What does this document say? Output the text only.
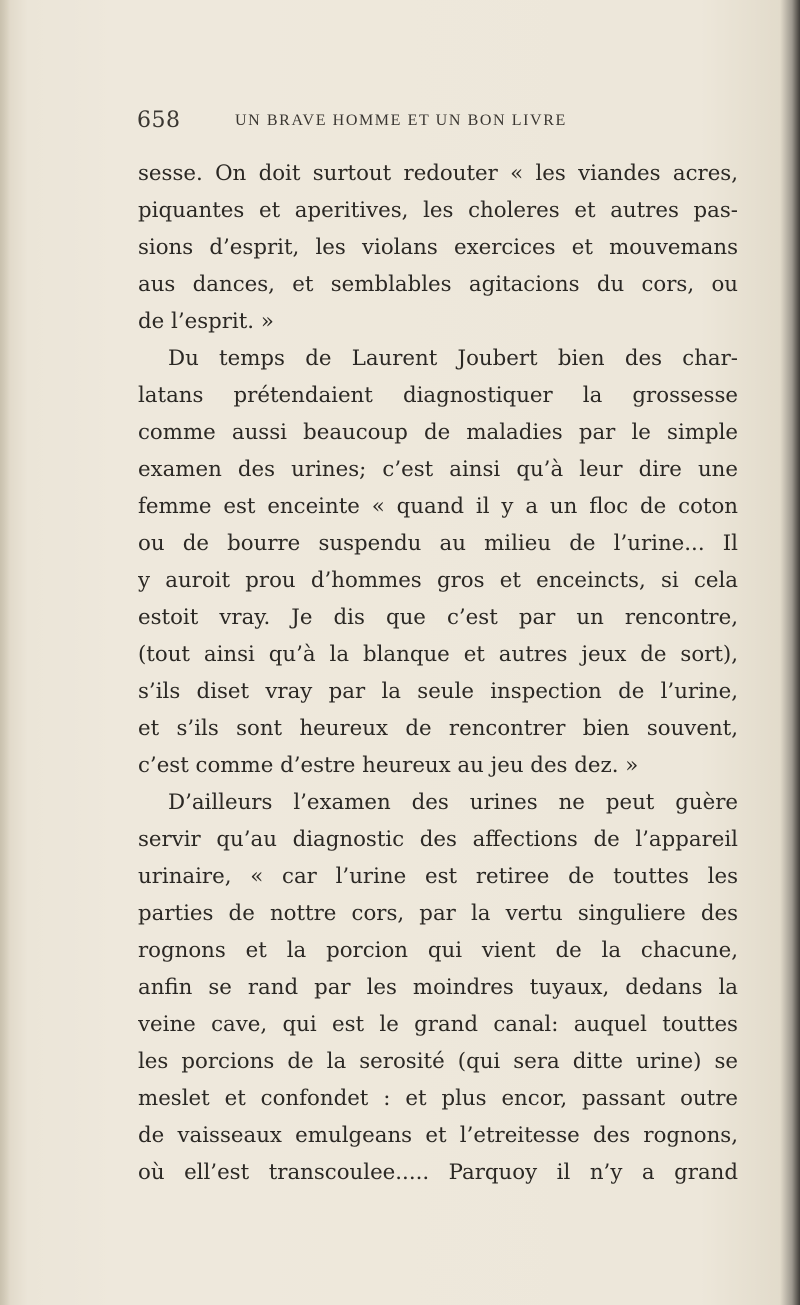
658	UN BRAVE HOMME ET UN BON LIVRE
sesse. On doit surtout redouter « les viandes acres,
piquantes et aperitives, les choleres et autres pas-
sions d’esprit, les violans exercices et mouvemans
aus dances, et semblables agitacions du cors, ou
de l’esprit. »
Du temps de Laurent Joubert bien des char-
latans prétendaient diagnostiquer la grossesse
comme aussi beaucoup de maladies par le simple
examen des urines; c’est ainsi qu’à leur dire une
femme est enceinte « quand il y a un floc de coton
ou de bourre suspendu au milieu de l’urine... Il
y auroit prou d’hommes gros et enceincts, si cela
estoit vray. Je dis que c’est par un rencontre,
(tout ainsi qu’à la blanque et autres jeux de sort),
s’ils diset vray par la seule inspection de l’urine,
et s’ils sont heureux de rencontrer bien souvent,
c’est comme d’estre heureux au jeu des dez. »
D’ailleurs l’examen des urines ne peut guère
servir qu’au diagnostic des affections de l’appareil
urinaire, « car l’urine est retiree de touttes les
parties de nottre cors, par la vertu singuliere des
rognons et la porcion qui vient de la chacune,
anfin se rand par les moindres tuyaux, dedans la
veine cave, qui est le grand canal: auquel touttes
les porcions de la serosité (qui sera ditte urine) se
meslet et confondet : et plus encor, passant outre
de vaisseaux emulgeans et l’etreitesse des rognons,
où ell’est transcoulee..... Parquoy il n’y a grand
